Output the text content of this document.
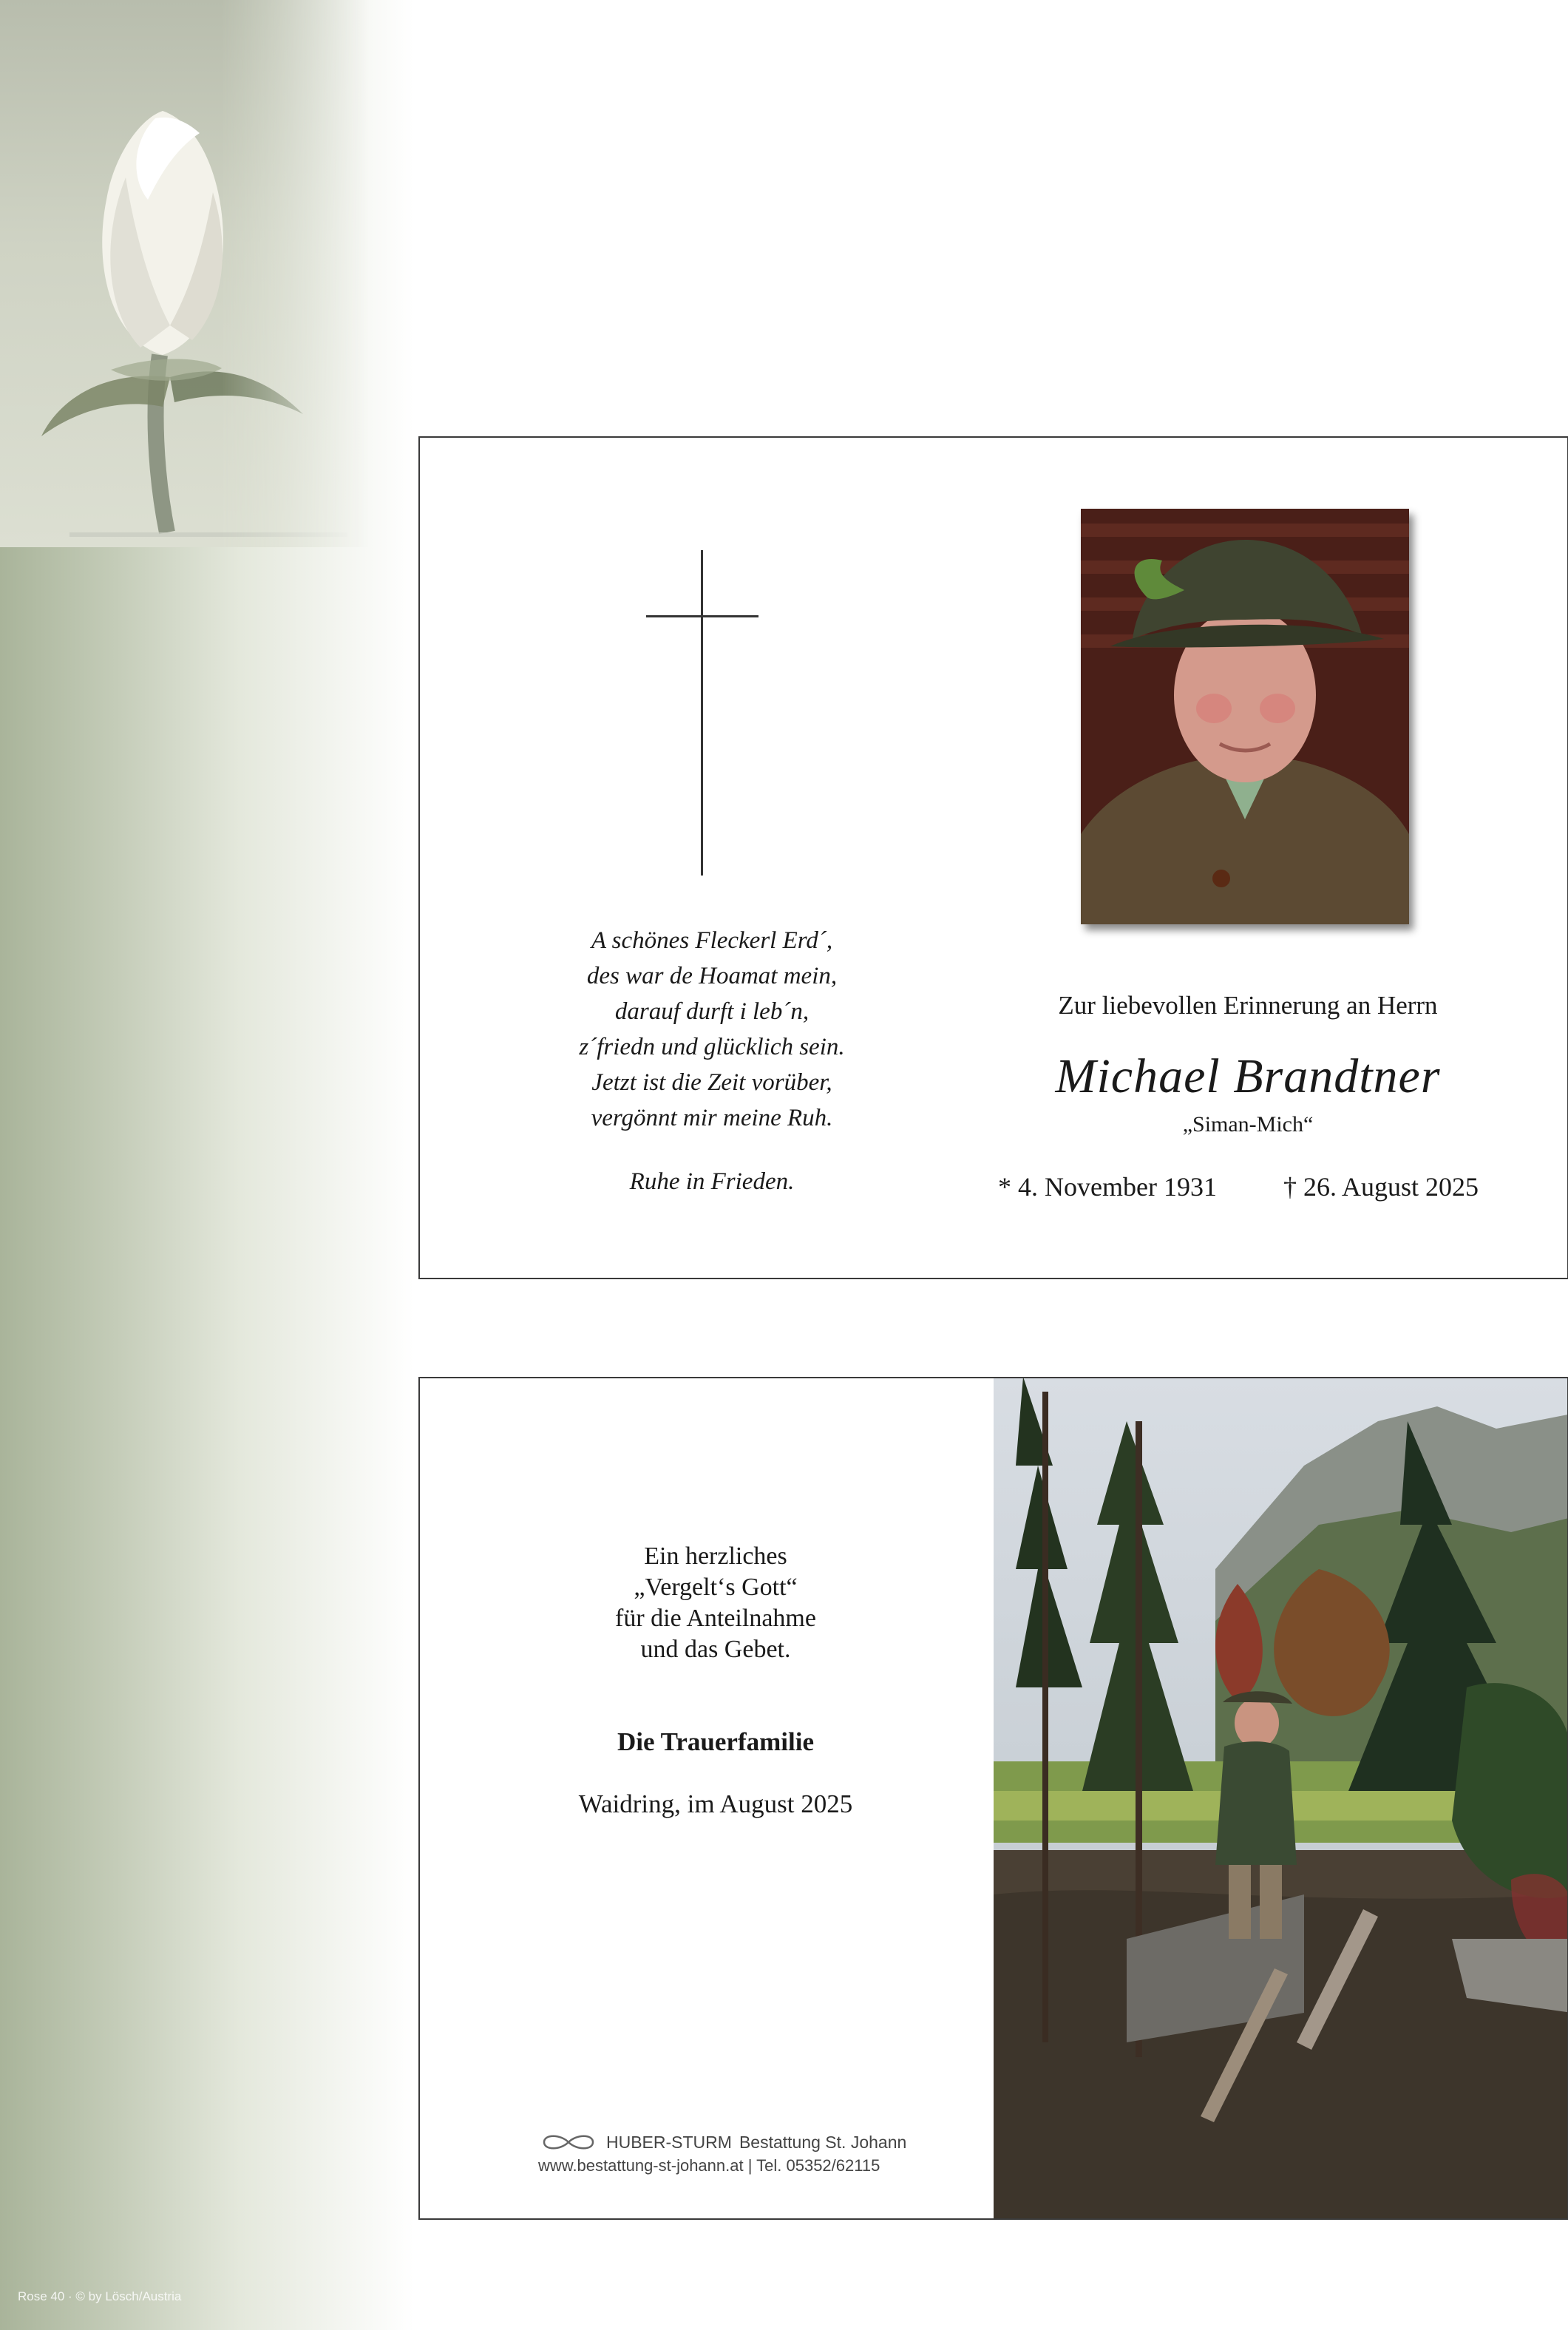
Rose 40 · © by Lösch/Austria
A schönes Fleckerl Erd´,
des war de Hoamat mein,
darauf durft i leb´n,
z´friedn und glücklich sein.
Jetzt ist die Zeit vorüber,
vergönnt mir meine Ruh.
Ruhe in Frieden.
Zur liebevollen Erinnerung an Herrn
Michael Brandtner
„Siman-Mich“
* 4. November 1931	† 26. August 2025
Ein herzliches
„Vergelt‘s Gott“
für die Anteilnahme
und das Gebet.
Die Trauerfamilie
Waidring, im August 2025
HUBER-STURM Bestattung St. Johann
www.bestattung-st-johann.at | Tel. 05352/62115
